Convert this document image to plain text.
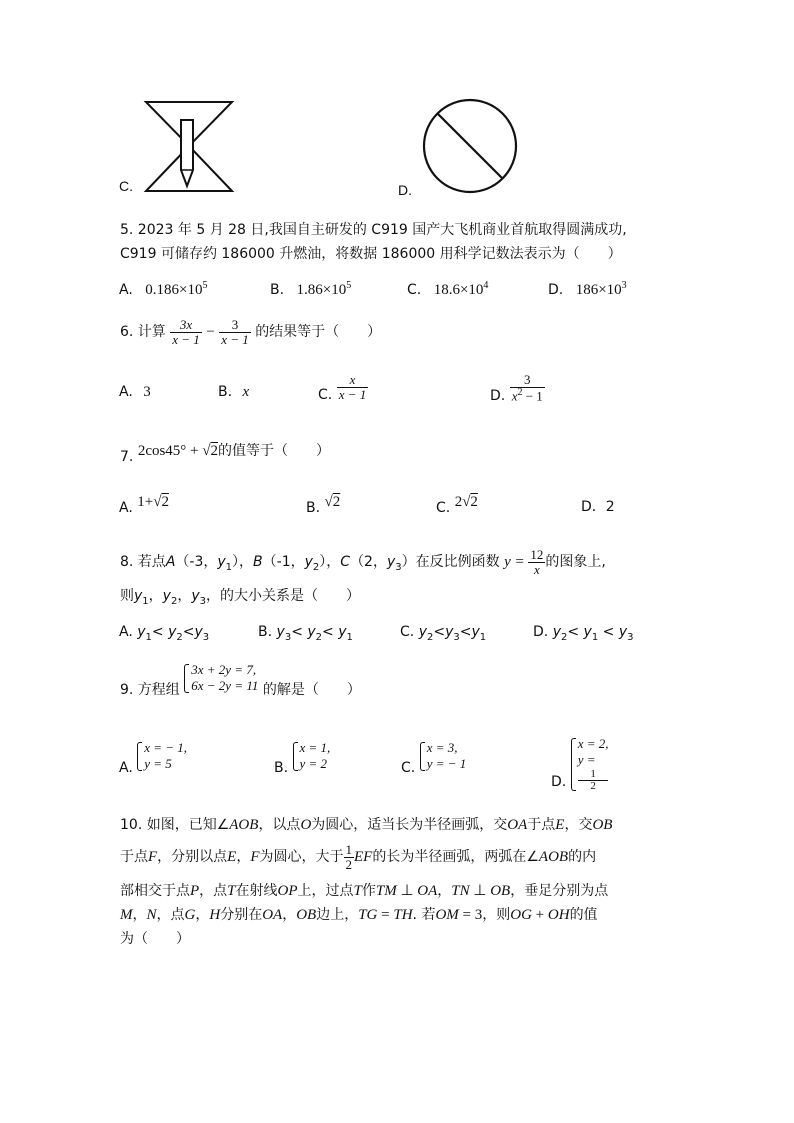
C.	D.
5. 2023 年 5 月 28 日,我国自主研发的 C919 国产大飞机商业首航取得圆满成功,
C919 可储存约 186000 升燃油，将数据 186000 用科学记数法表示为（　　）
A. $0.186\times 10^5$	B. $1.86\times 10^5$	C. $18.6\times 10^4$	D. $186\times 10^3$
6. 计算 $\frac{3x}{x - 1} - \frac{3}{x - 1}$ 的结果等于（　　）
A. 3	B. x	C. $\frac{x}{x - 1}$	D. $\frac{3}{x^2 - 1}$
7. 2cos45° + √2的值等于（　　）
A. 1+√2	B. √2	C. 2√2	D．2
8. 若点A（-3，$y_1$），B（-1，$y_2$），C（2，$y_3$）在反比例函数 $y = \frac{12}{x}$ 的图象上,
则$y_1$，$y_2$，$y_3$，的大小关系是（　　）
A. $y_1< y_2<y_3$	B. $y_3< y_2< y_1$	C. $y_2<y_3<y_1$	D. $y_2< y_1 < y_3$
9. 方程组
3x + 2y = 7,
6x − 2y = 11 的解是（　　）
A.
x = − 1,
y = 5	B.
x = 1,
y = 2	C.
x = 3,
y = − 1
D.
x = 2,
y =
1
2
10. 如图，已知∠AOB，以点O为圆心，适当长为半径画弧，交OA于点E，交OB
于点F，分别以点E，F为圆心，大于 $\frac{1}{2}$ EF的长为半径画弧，两弧在∠AOB的内
部相交于点P，点T在射线OP上，过点T作TM ⊥ OA，TN ⊥ OB，垂足分别为点
M，N，点G，H分别在OA，OB边上，TG = TH. 若OM = 3，则OG + OH的值
为（　　）
